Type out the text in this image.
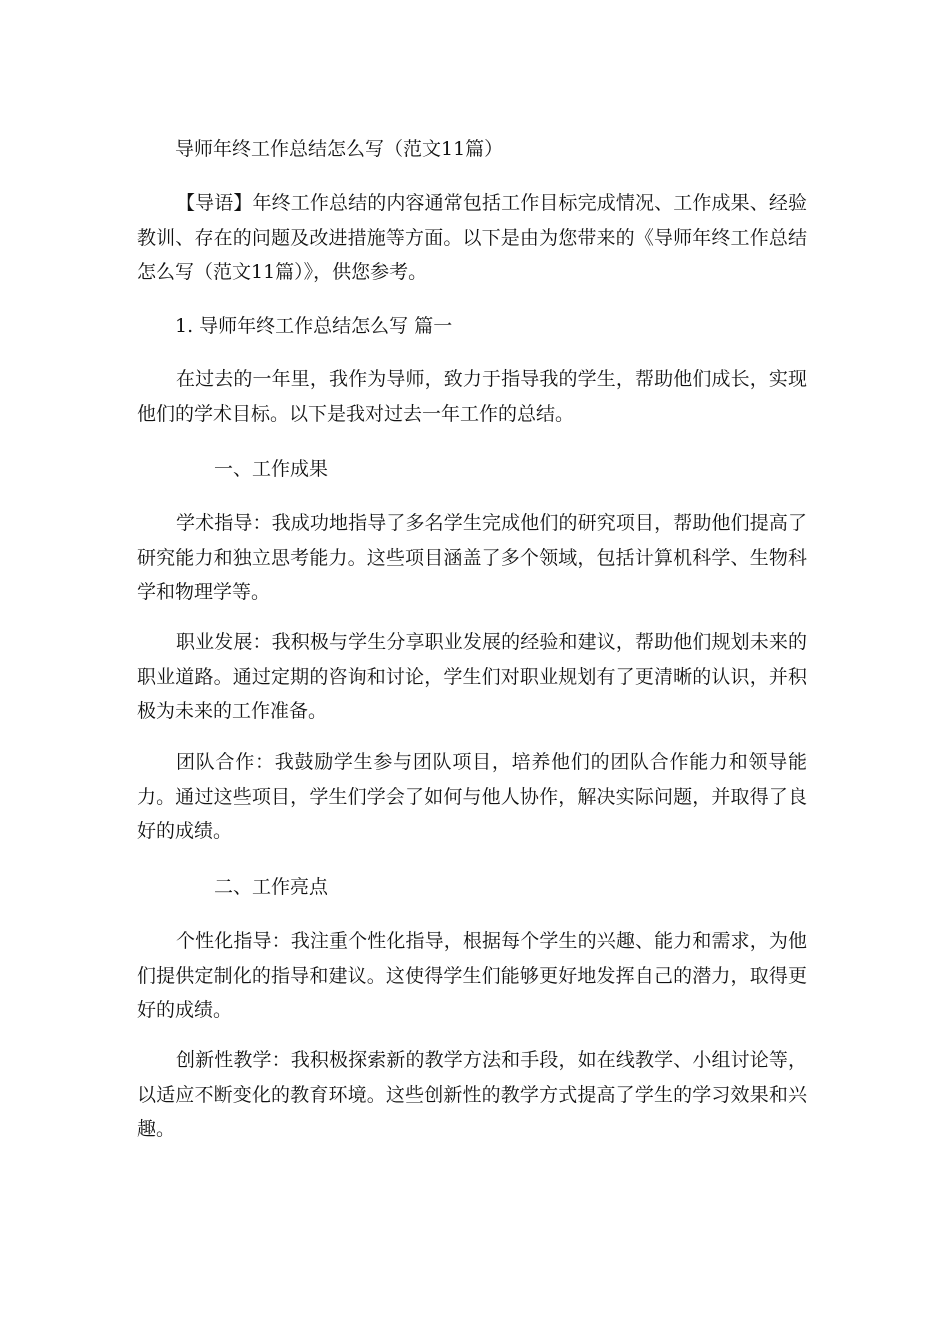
导师年终工作总结怎么写（范文11篇）
【导语】年终工作总结的内容通常包括工作目标完成情况、工作成果、经验教训、存在的问题及改进措施等方面。以下是由为您带来的《导师年终工作总结怎么写（范文11篇）》，供您参考。
1. 导师年终工作总结怎么写 篇一
在过去的一年里，我作为导师，致力于指导我的学生，帮助他们成长，实现他们的学术目标。以下是我对过去一年工作的总结。
一、工作成果
学术指导：我成功地指导了多名学生完成他们的研究项目，帮助他们提高了研究能力和独立思考能力。这些项目涵盖了多个领域，包括计算机科学、生物科学和物理学等。
职业发展：我积极与学生分享职业发展的经验和建议，帮助他们规划未来的职业道路。通过定期的咨询和讨论，学生们对职业规划有了更清晰的认识，并积极为未来的工作准备。
团队合作：我鼓励学生参与团队项目，培养他们的团队合作能力和领导能力。通过这些项目，学生们学会了如何与他人协作，解决实际问题，并取得了良好的成绩。
二、工作亮点
个性化指导：我注重个性化指导，根据每个学生的兴趣、能力和需求，为他们提供定制化的指导和建议。这使得学生们能够更好地发挥自己的潜力，取得更好的成绩。
创新性教学：我积极探索新的教学方法和手段，如在线教学、小组讨论等，以适应不断变化的教育环境。这些创新性的教学方式提高了学生的学习效果和兴趣。
